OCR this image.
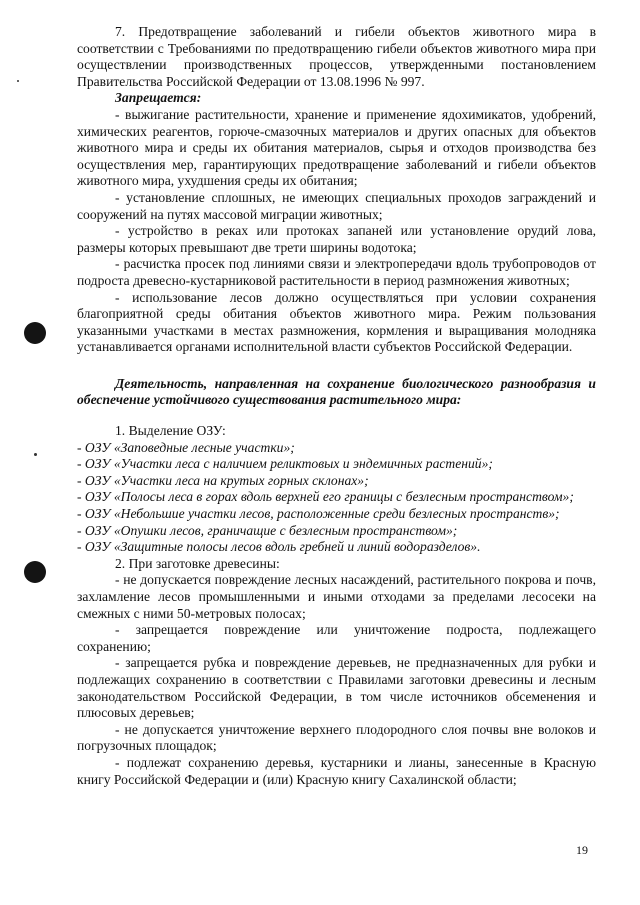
7. Предотвращение заболеваний и гибели объектов животного мира в соответствии с Требованиями по предотвращению гибели объектов животного мира при осуществлении производственных процессов, утвержденными постановлением Правительства Российской Федерации от 13.08.1996 № 997.

Запрещается:

- выжигание растительности, хранение и применение ядохимикатов, удобрений, химических реагентов, горюче-смазочных материалов и других опасных для объектов животного мира и среды их обитания материалов, сырья и отходов производства без осуществления мер, гарантирующих предотвращение заболеваний и гибели объектов животного мира, ухудшения среды их обитания;

- установление сплошных, не имеющих специальных проходов заграждений и сооружений на путях массовой миграции животных;

- устройство в реках или протоках запаней или установление орудий лова, размеры которых превышают две трети ширины водотока;

- расчистка просек под линиями связи и электропередачи вдоль трубопроводов от подроста древесно-кустарниковой растительности в период размножения животных;

- использование лесов должно осуществляться при условии сохранения благоприятной среды обитания объектов животного мира. Режим пользования указанными участками в местах размножения, кормления и выращивания молодняка устанавливается органами исполнительной власти субъектов Российской Федерации.

Деятельность, направленная на сохранение биологического разнообразия и обеспечение устойчивого существования растительного мира:

1. Выделение ОЗУ:

- ОЗУ «Заповедные лесные участки»;

- ОЗУ «Участки леса с наличием реликтовых и эндемичных растений»;

- ОЗУ «Участки леса на крутых горных склонах»;

- ОЗУ «Полосы леса в горах вдоль верхней его границы с безлесным пространством»;

- ОЗУ «Небольшие участки лесов, расположенные среди безлесных пространств»;

- ОЗУ «Опушки лесов, граничащие с безлесным пространством»;

- ОЗУ «Защитные полосы лесов вдоль гребней и линий водоразделов».

2. При заготовке древесины:

- не допускается повреждение лесных насаждений, растительного покрова и почв, захламление лесов промышленными и иными отходами за пределами лесосеки на смежных с ними 50-метровых полосах;

- запрещается повреждение или уничтожение подроста, подлежащего сохранению;

- запрещается рубка и повреждение деревьев, не предназначенных для рубки и подлежащих сохранению в соответствии с Правилами заготовки древесины и лесным законодательством Российской Федерации, в том числе источников обсеменения и плюсовых деревьев;

- не допускается уничтожение верхнего плодородного слоя почвы вне волоков и погрузочных площадок;

- подлежат сохранению деревья, кустарники и лианы, занесенные в Красную книгу Российской Федерации и (или) Красную книгу Сахалинской области;

19
